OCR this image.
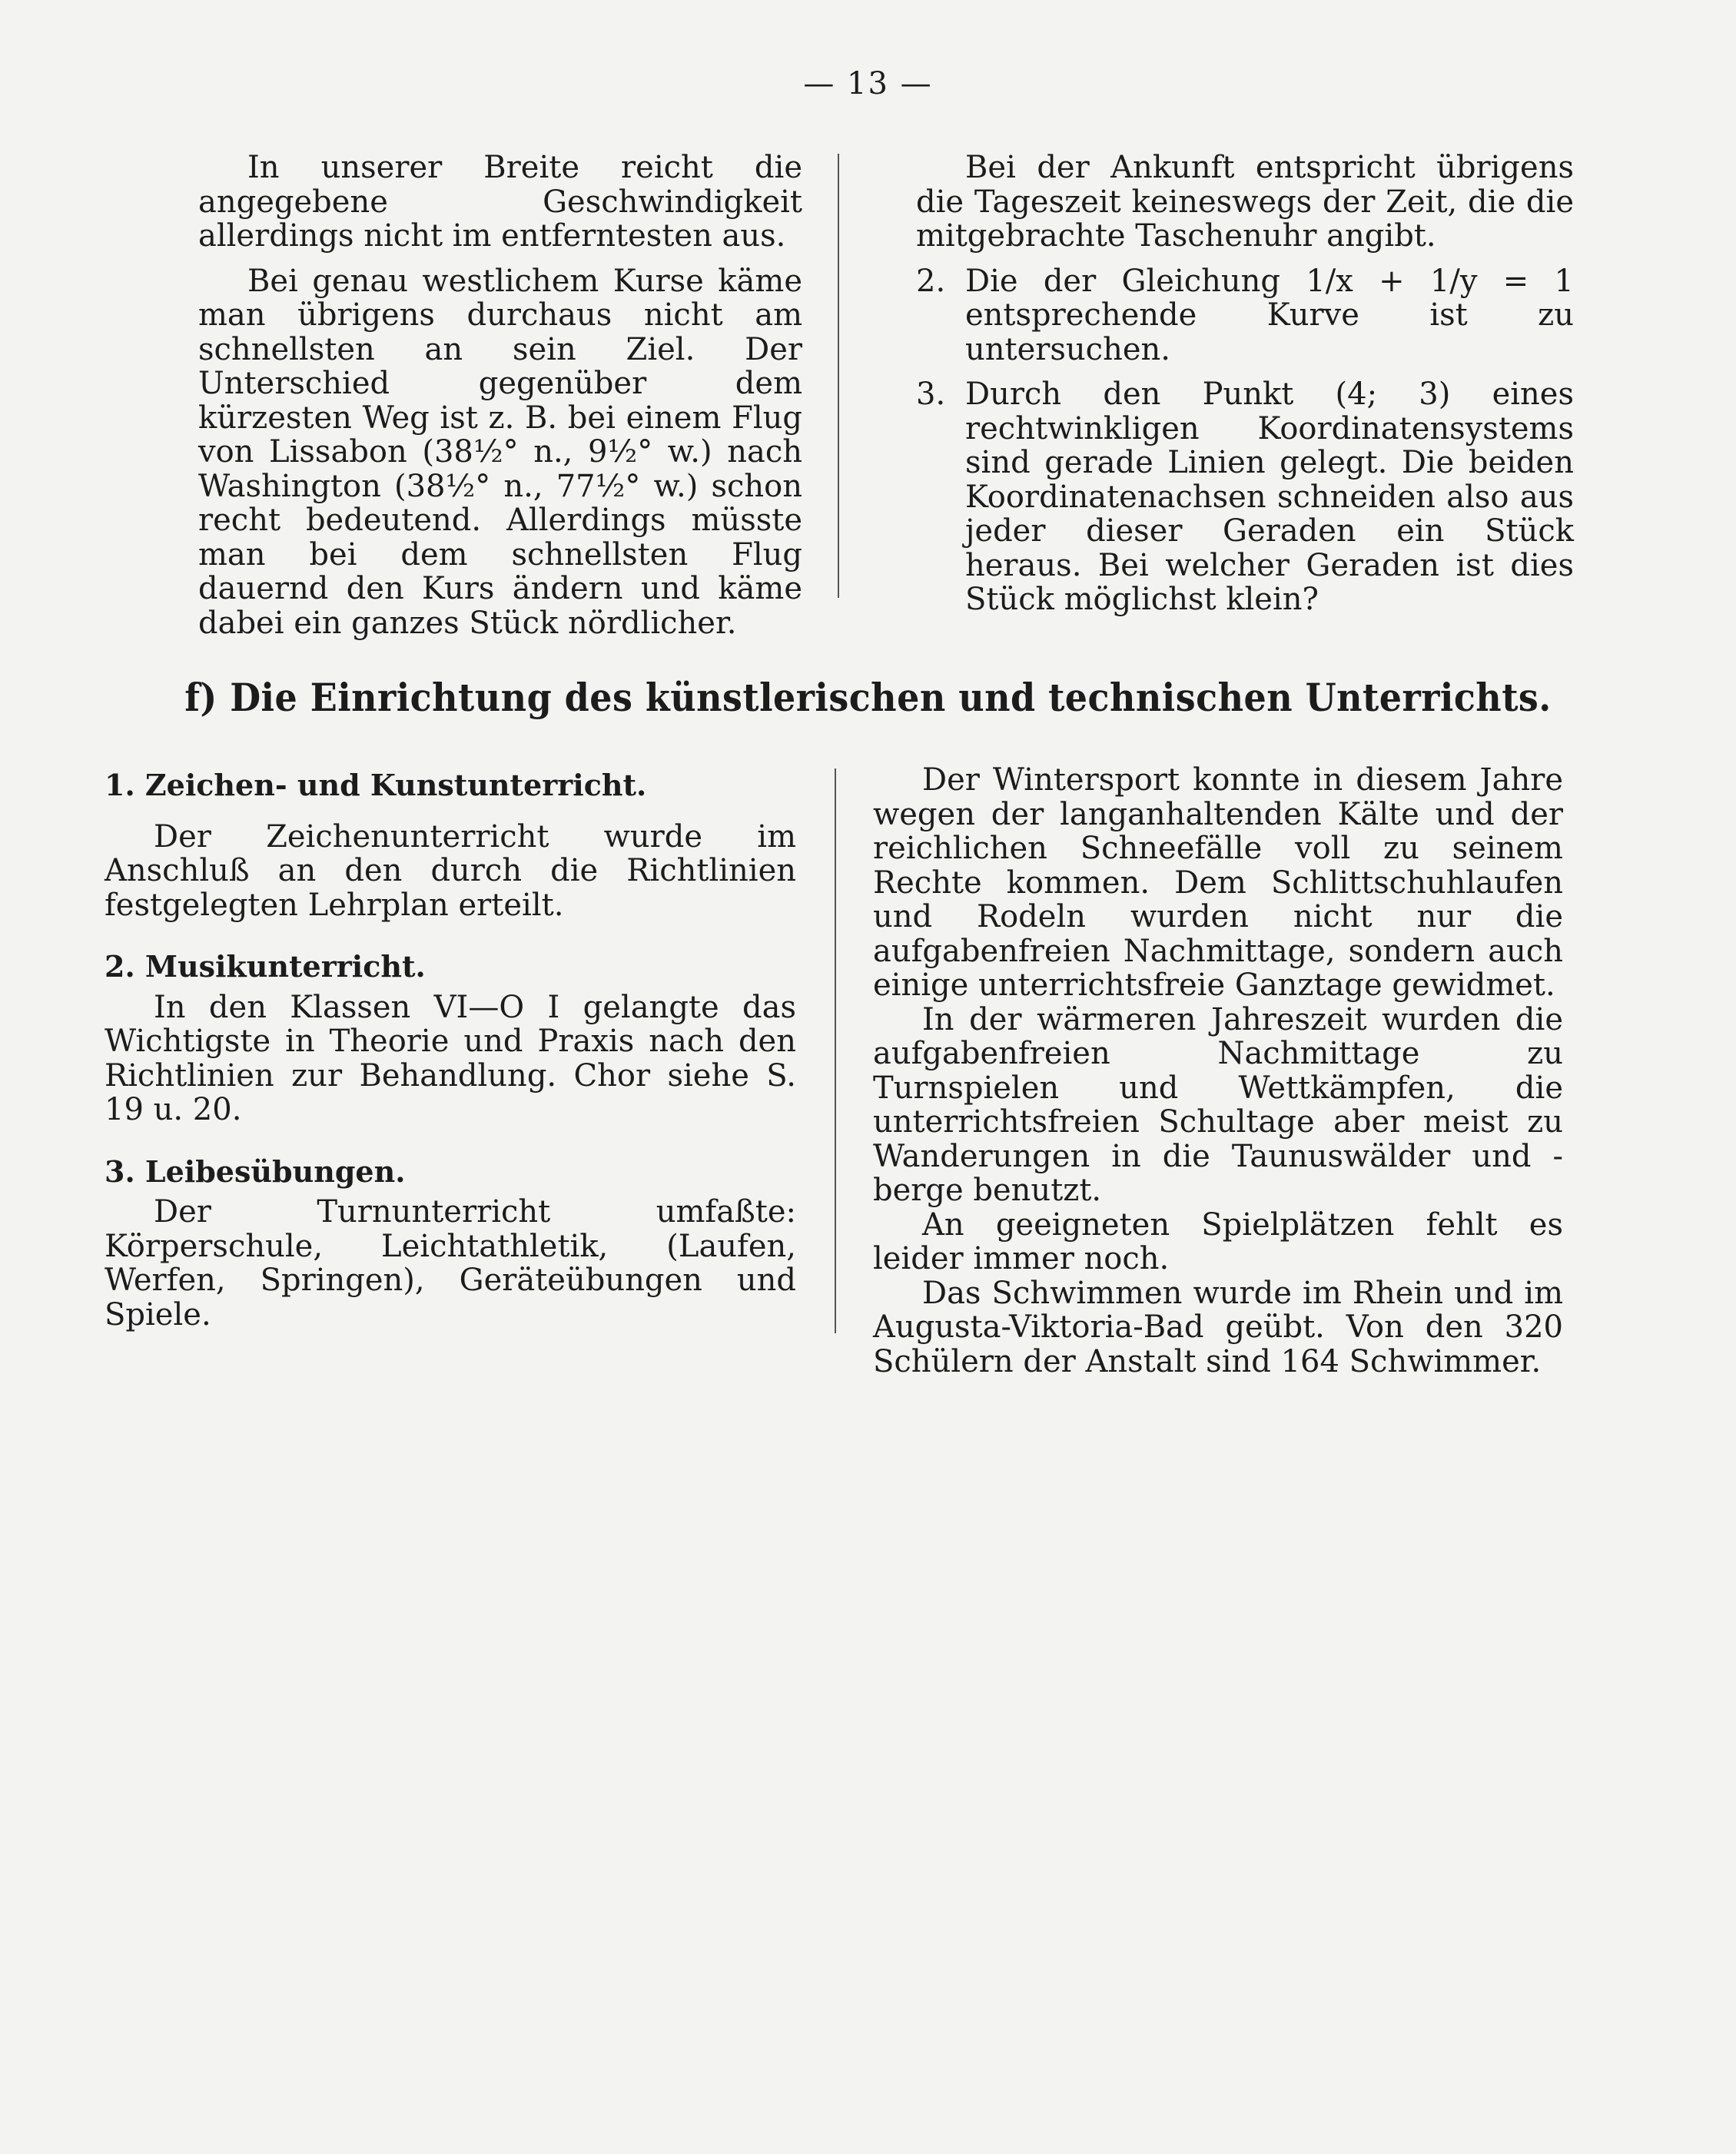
— 13 —

In unserer Breite reicht die angegebene Geschwindigkeit allerdings nicht im entferntesten aus.

Bei genau westlichem Kurse käme man übrigens durchaus nicht am schnellsten an sein Ziel. Der Unterschied gegenüber dem kürzesten Weg ist z. B. bei einem Flug von Lissabon (38½° n., 9½° w.) nach Washington (38½° n., 77½° w.) schon recht bedeutend. Allerdings müsste man bei dem schnellsten Flug dauernd den Kurs ändern und käme dabei ein ganzes Stück nördlicher.

Bei der Ankunft entspricht übrigens die Tageszeit keineswegs der Zeit, die die mitgebrachte Taschenuhr angibt.

2. Die der Gleichung 1/x + 1/y = 1 entsprechende Kurve ist zu untersuchen.
3. Durch den Punkt (4; 3) eines rechtwinkligen Koordinatensystems sind gerade Linien gelegt. Die beiden Koordinatenachsen schneiden also aus jeder dieser Geraden ein Stück heraus. Bei welcher Geraden ist dies Stück möglichst klein?
f) Die Einrichtung des künstlerischen und technischen Unterrichts.

1. Zeichen- und Kunstunterricht.

Der Zeichenunterricht wurde im Anschluß an den durch die Richtlinien festgelegten Lehrplan erteilt.

2. Musikunterricht.

In den Klassen VI—O I gelangte das Wichtigste in Theorie und Praxis nach den Richtlinien zur Behandlung. Chor siehe S. 19 u. 20.

3. Leibesübungen.

Der Turnunterricht umfaßte: Körperschule, Leichtathletik, (Laufen, Werfen, Springen), Geräteübungen und Spiele.

Der Wintersport konnte in diesem Jahre wegen der langanhaltenden Kälte und der reichlichen Schneefälle voll zu seinem Rechte kommen. Dem Schlittschuhlaufen und Rodeln wurden nicht nur die aufgabenfreien Nachmittage, sondern auch einige unterrichtsfreie Ganztage gewidmet.

In der wärmeren Jahreszeit wurden die aufgabenfreien Nachmittage zu Turnspielen und Wettkämpfen, die unterrichtsfreien Schultage aber meist zu Wanderungen in die Taunuswälder und -berge benutzt.

An geeigneten Spielplätzen fehlt es leider immer noch.

Das Schwimmen wurde im Rhein und im Augusta-Viktoria-Bad geübt. Von den 320 Schülern der Anstalt sind 164 Schwimmer.
